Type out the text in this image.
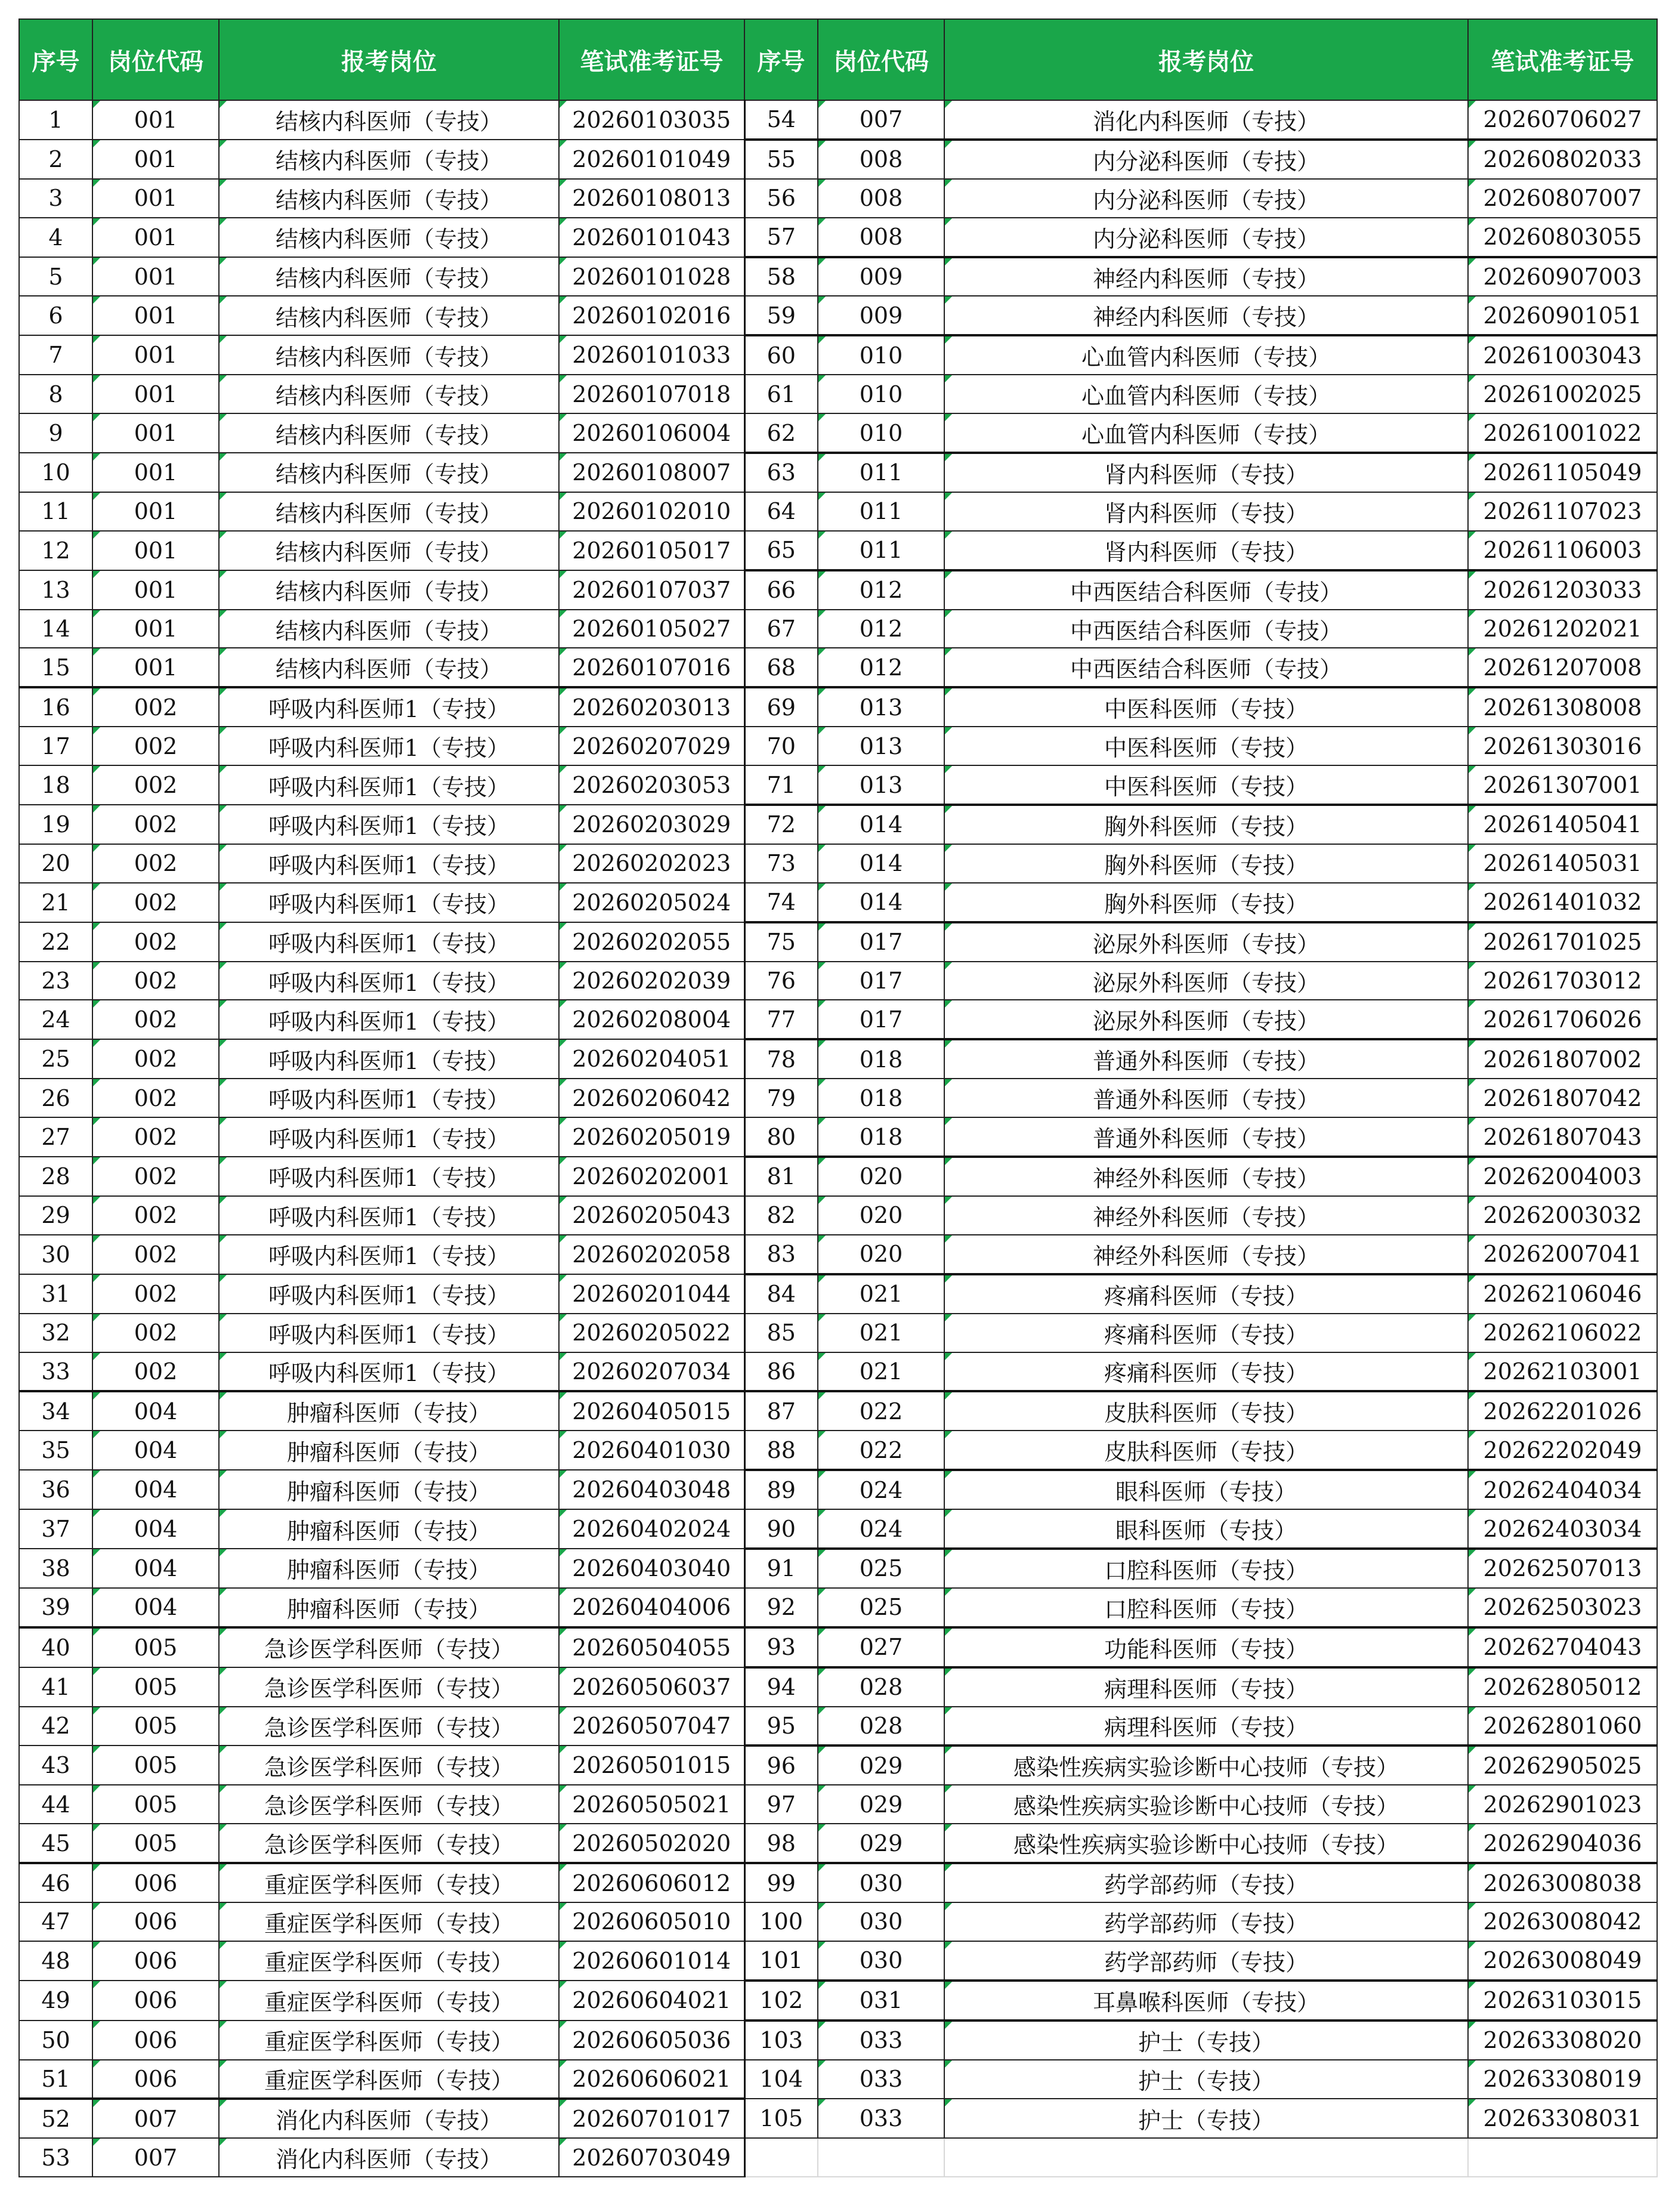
序号	岗位代码	报考岗位	笔试准考证号	序号	岗位代码	报考岗位	笔试准考证号
1	001	结核内科医师（专技）	20260103035	54	007	消化内科医师（专技）	20260706027
2	001	结核内科医师（专技）	20260101049	55	008	内分泌科医师（专技）	20260802033
3	001	结核内科医师（专技）	20260108013	56	008	内分泌科医师（专技）	20260807007
4	001	结核内科医师（专技）	20260101043	57	008	内分泌科医师（专技）	20260803055
5	001	结核内科医师（专技）	20260101028	58	009	神经内科医师（专技）	20260907003
6	001	结核内科医师（专技）	20260102016	59	009	神经内科医师（专技）	20260901051
7	001	结核内科医师（专技）	20260101033	60	010	心血管内科医师（专技）	20261003043
8	001	结核内科医师（专技）	20260107018	61	010	心血管内科医师（专技）	20261002025
9	001	结核内科医师（专技）	20260106004	62	010	心血管内科医师（专技）	20261001022
10	001	结核内科医师（专技）	20260108007	63	011	肾内科医师（专技）	20261105049
11	001	结核内科医师（专技）	20260102010	64	011	肾内科医师（专技）	20261107023
12	001	结核内科医师（专技）	20260105017	65	011	肾内科医师（专技）	20261106003
13	001	结核内科医师（专技）	20260107037	66	012	中西医结合科医师（专技）	20261203033
14	001	结核内科医师（专技）	20260105027	67	012	中西医结合科医师（专技）	20261202021
15	001	结核内科医师（专技）	20260107016	68	012	中西医结合科医师（专技）	20261207008
16	002	呼吸内科医师1（专技）	20260203013	69	013	中医科医师（专技）	20261308008
17	002	呼吸内科医师1（专技）	20260207029	70	013	中医科医师（专技）	20261303016
18	002	呼吸内科医师1（专技）	20260203053	71	013	中医科医师（专技）	20261307001
19	002	呼吸内科医师1（专技）	20260203029	72	014	胸外科医师（专技）	20261405041
20	002	呼吸内科医师1（专技）	20260202023	73	014	胸外科医师（专技）	20261405031
21	002	呼吸内科医师1（专技）	20260205024	74	014	胸外科医师（专技）	20261401032
22	002	呼吸内科医师1（专技）	20260202055	75	017	泌尿外科医师（专技）	20261701025
23	002	呼吸内科医师1（专技）	20260202039	76	017	泌尿外科医师（专技）	20261703012
24	002	呼吸内科医师1（专技）	20260208004	77	017	泌尿外科医师（专技）	20261706026
25	002	呼吸内科医师1（专技）	20260204051	78	018	普通外科医师（专技）	20261807002
26	002	呼吸内科医师1（专技）	20260206042	79	018	普通外科医师（专技）	20261807042
27	002	呼吸内科医师1（专技）	20260205019	80	018	普通外科医师（专技）	20261807043
28	002	呼吸内科医师1（专技）	20260202001	81	020	神经外科医师（专技）	20262004003
29	002	呼吸内科医师1（专技）	20260205043	82	020	神经外科医师（专技）	20262003032
30	002	呼吸内科医师1（专技）	20260202058	83	020	神经外科医师（专技）	20262007041
31	002	呼吸内科医师1（专技）	20260201044	84	021	疼痛科医师（专技）	20262106046
32	002	呼吸内科医师1（专技）	20260205022	85	021	疼痛科医师（专技）	20262106022
33	002	呼吸内科医师1（专技）	20260207034	86	021	疼痛科医师（专技）	20262103001
34	004	肿瘤科医师（专技）	20260405015	87	022	皮肤科医师（专技）	20262201026
35	004	肿瘤科医师（专技）	20260401030	88	022	皮肤科医师（专技）	20262202049
36	004	肿瘤科医师（专技）	20260403048	89	024	眼科医师（专技）	20262404034
37	004	肿瘤科医师（专技）	20260402024	90	024	眼科医师（专技）	20262403034
38	004	肿瘤科医师（专技）	20260403040	91	025	口腔科医师（专技）	20262507013
39	004	肿瘤科医师（专技）	20260404006	92	025	口腔科医师（专技）	20262503023
40	005	急诊医学科医师（专技）	20260504055	93	027	功能科医师（专技）	20262704043
41	005	急诊医学科医师（专技）	20260506037	94	028	病理科医师（专技）	20262805012
42	005	急诊医学科医师（专技）	20260507047	95	028	病理科医师（专技）	20262801060
43	005	急诊医学科医师（专技）	20260501015	96	029	感染性疾病实验诊断中心技师（专技）	20262905025
44	005	急诊医学科医师（专技）	20260505021	97	029	感染性疾病实验诊断中心技师（专技）	20262901023
45	005	急诊医学科医师（专技）	20260502020	98	029	感染性疾病实验诊断中心技师（专技）	20262904036
46	006	重症医学科医师（专技）	20260606012	99	030	药学部药师（专技）	20263008038
47	006	重症医学科医师（专技）	20260605010	100	030	药学部药师（专技）	20263008042
48	006	重症医学科医师（专技）	20260601014	101	030	药学部药师（专技）	20263008049
49	006	重症医学科医师（专技）	20260604021	102	031	耳鼻喉科医师（专技）	20263103015
50	006	重症医学科医师（专技）	20260605036	103	033	护士（专技）	20263308020
51	006	重症医学科医师（专技）	20260606021	104	033	护士（专技）	20263308019
52	007	消化内科医师（专技）	20260701017	105	033	护士（专技）	20263308031
53	007	消化内科医师（专技）	20260703049				
